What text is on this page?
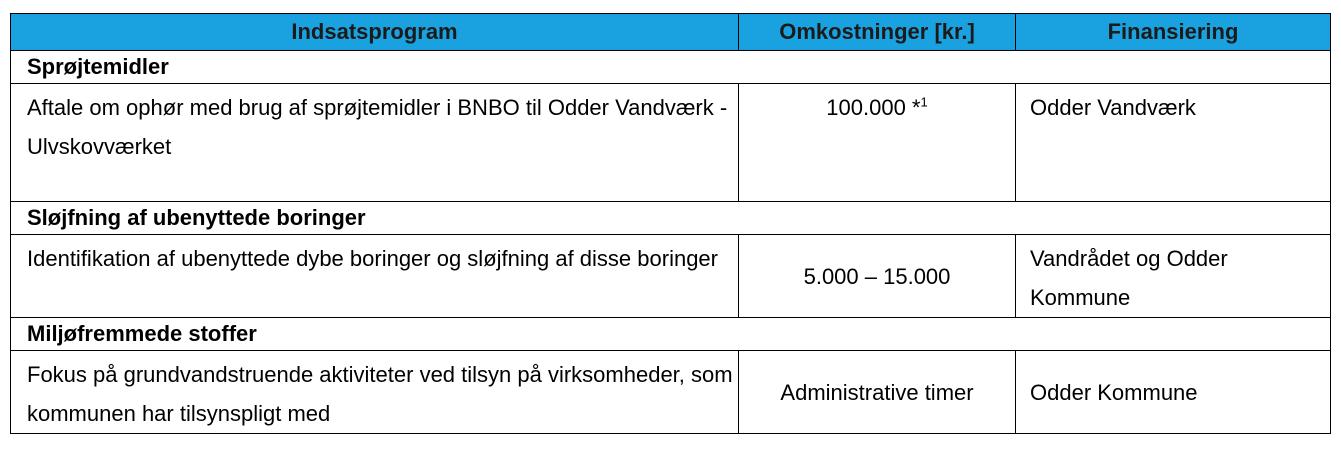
Indsatsprogram	Omkostninger [kr.]	Finansiering
Sprøjtemidler		
Aftale om ophør med brug af sprøjtemidler i BNBO til Odder Vandværk - Ulvskovværket	100.000 *$^1$	Odder Vandværk
Sløjfning af ubenyttede boringer		
Identifikation af ubenyttede dybe boringer og sløjfning af disse boringer	5.000 – 15.000	Vandrådet og Odder Kommune
Miljøfremmede stoffer		
Fokus på grundvandstruende aktiviteter ved tilsyn på virksomheder, som kommunen har tilsynspligt med	Administrative timer	Odder Kommune
